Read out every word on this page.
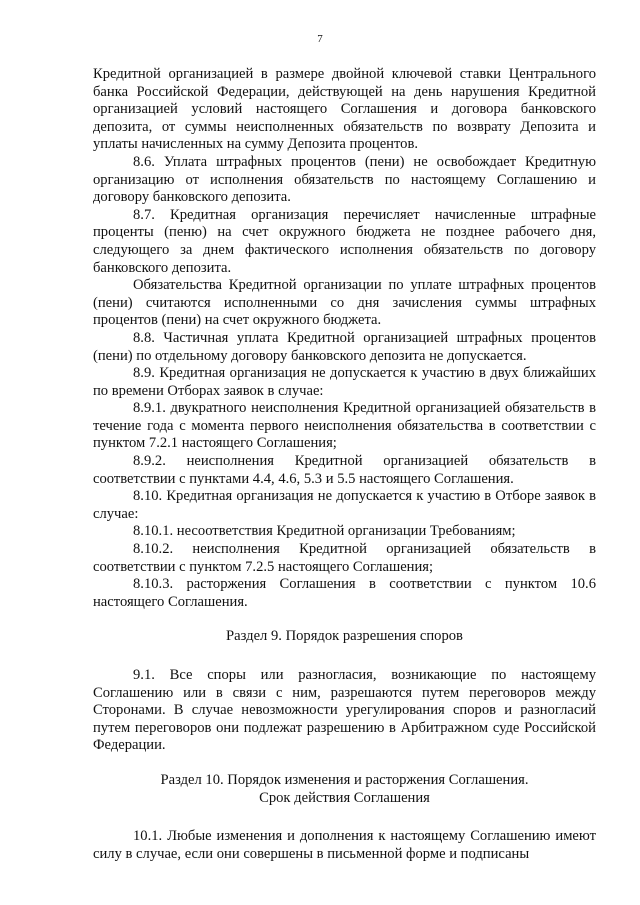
7

Кредитной организацией в размере двойной ключевой ставки Центрального банка Российской Федерации, действующей на день нарушения Кредитной организацией условий настоящего Соглашения и договора банковского депозита, от суммы неисполненных обязательств по возврату Депозита и уплаты начисленных на сумму Депозита процентов.

8.6. Уплата штрафных процентов (пени) не освобождает Кредитную организацию от исполнения обязательств по настоящему Соглашению и договору банковского депозита.

8.7. Кредитная организация перечисляет начисленные штрафные проценты (пеню) на счет окружного бюджета не позднее рабочего дня, следующего за днем фактического исполнения обязательств по договору банковского депозита.

Обязательства Кредитной организации по уплате штрафных процентов (пени) считаются исполненными со дня зачисления суммы штрафных процентов (пени) на счет окружного бюджета.

8.8. Частичная уплата Кредитной организацией штрафных процентов (пени) по отдельному договору банковского депозита не допускается.

8.9. Кредитная организация не допускается к участию в двух ближайших по времени Отборах заявок в случае:

8.9.1. двукратного неисполнения Кредитной организацией обязательств в течение года с момента первого неисполнения обязательства в соответствии с пунктом 7.2.1 настоящего Соглашения;

8.9.2. неисполнения Кредитной организацией обязательств в соответствии с пунктами 4.4, 4.6, 5.3 и 5.5 настоящего Соглашения.

8.10. Кредитная организация не допускается к участию в Отборе заявок в случае:

8.10.1. несоответствия Кредитной организации Требованиям;

8.10.2. неисполнения Кредитной организацией обязательств в соответствии с пунктом 7.2.5 настоящего Соглашения;

8.10.3. расторжения Соглашения в соответствии с пунктом 10.6 настоящего Соглашения.

Раздел 9. Порядок разрешения споров

9.1. Все споры или разногласия, возникающие по настоящему Соглашению или в связи с ним, разрешаются путем переговоров между Сторонами. В случае невозможности урегулирования споров и разногласий путем переговоров они подлежат разрешению в Арбитражном суде Российской Федерации.

Раздел 10. Порядок изменения и расторжения Соглашения.

Срок действия Соглашения

10.1. Любые изменения и дополнения к настоящему Соглашению имеют силу в случае, если они совершены в письменной форме и подписаны
